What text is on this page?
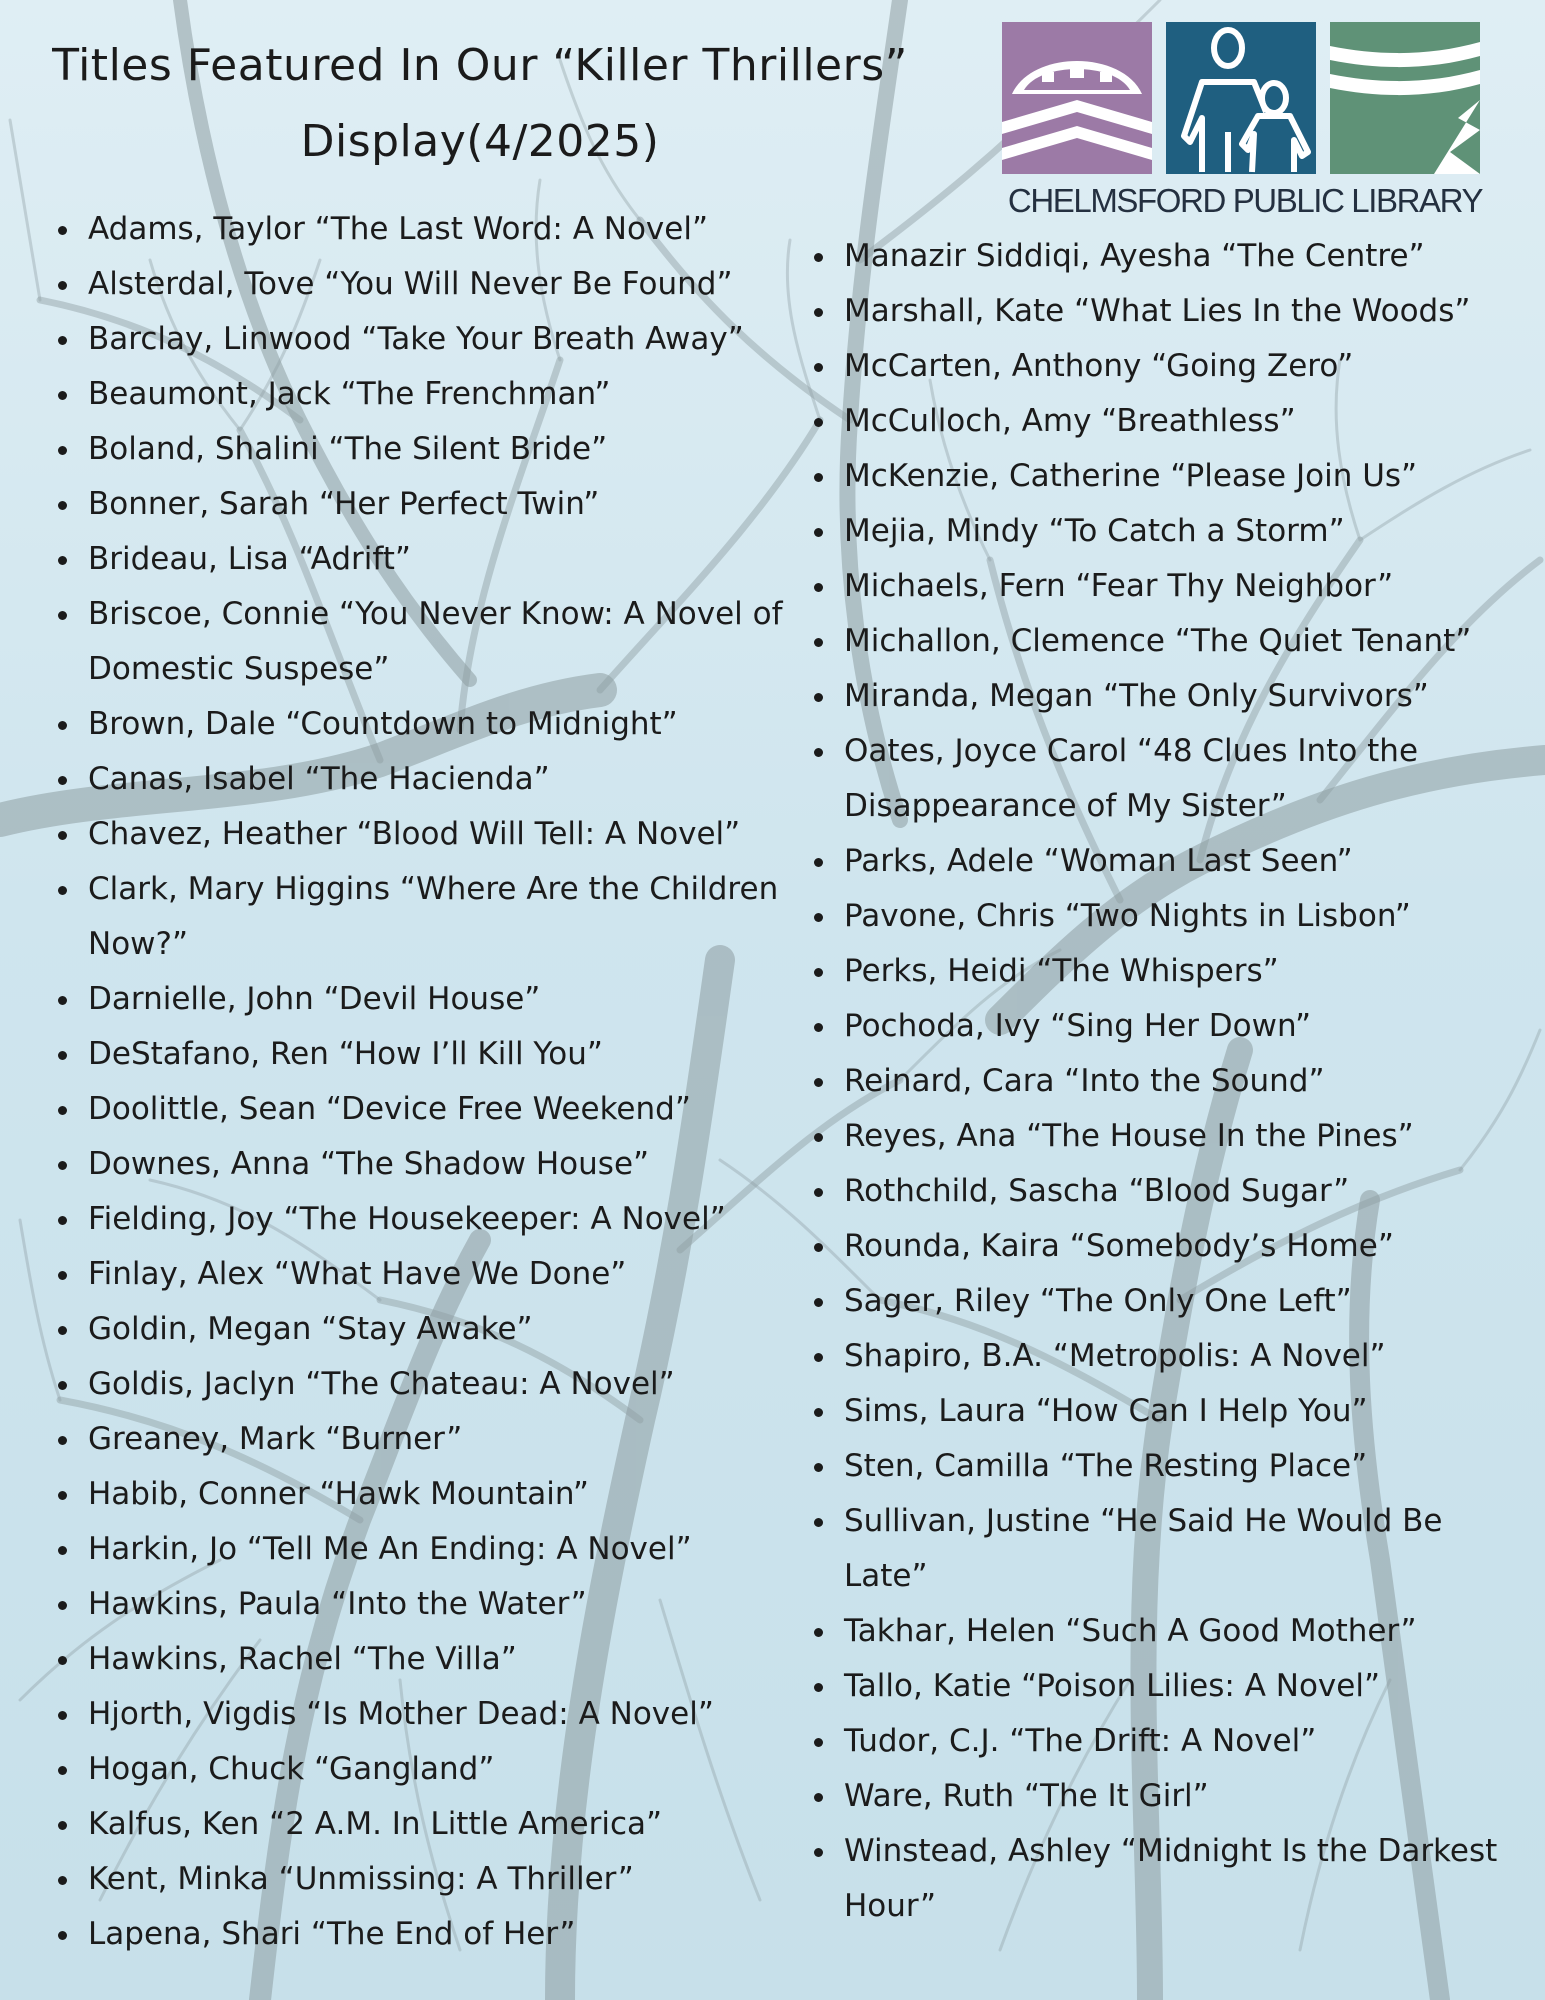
Titles Featured In Our “Killer Thrillers”
Display(4/2025)
CHELMSFORD PUBLIC LIBRARY
Adams, Taylor “The Last Word: A Novel”
Alsterdal, Tove “You Will Never Be Found”
Barclay, Linwood “Take Your Breath Away”
Beaumont, Jack “The Frenchman”
Boland, Shalini “The Silent Bride”
Bonner, Sarah “Her Perfect Twin”
Brideau, Lisa “Adrift”
Briscoe, Connie “You Never Know: A Novel of Domestic Suspese”
Brown, Dale “Countdown to Midnight”
Canas, Isabel “The Hacienda”
Chavez, Heather “Blood Will Tell: A Novel”
Clark, Mary Higgins “Where Are the Children Now?”
Darnielle, John “Devil House”
DeStafano, Ren “How I’ll Kill You”
Doolittle, Sean “Device Free Weekend”
Downes, Anna “The Shadow House”
Fielding, Joy “The Housekeeper: A Novel”
Finlay, Alex “What Have We Done”
Goldin, Megan “Stay Awake”
Goldis, Jaclyn “The Chateau: A Novel”
Greaney, Mark “Burner”
Habib, Conner “Hawk Mountain”
Harkin, Jo “Tell Me An Ending: A Novel”
Hawkins, Paula “Into the Water”
Hawkins, Rachel “The Villa”
Hjorth, Vigdis “Is Mother Dead: A Novel”
Hogan, Chuck “Gangland”
Kalfus, Ken “2 A.M. In Little America”
Kent, Minka “Unmissing: A Thriller”
Lapena, Shari “The End of Her”
Manazir Siddiqi, Ayesha “The Centre”
Marshall, Kate “What Lies In the Woods”
McCarten, Anthony “Going Zero”
McCulloch, Amy “Breathless”
McKenzie, Catherine “Please Join Us”
Mejia, Mindy “To Catch a Storm”
Michaels, Fern “Fear Thy Neighbor”
Michallon, Clemence “The Quiet Tenant”
Miranda, Megan “The Only Survivors”
Oates, Joyce Carol “48 Clues Into the Disappearance of My Sister”
Parks, Adele “Woman Last Seen”
Pavone, Chris “Two Nights in Lisbon”
Perks, Heidi “The Whispers”
Pochoda, Ivy “Sing Her Down”
Reinard, Cara “Into the Sound”
Reyes, Ana “The House In the Pines”
Rothchild, Sascha “Blood Sugar”
Rounda, Kaira “Somebody’s Home”
Sager, Riley “The Only One Left”
Shapiro, B.A. “Metropolis: A Novel”
Sims, Laura “How Can I Help You”
Sten, Camilla “The Resting Place”
Sullivan, Justine “He Said He Would Be Late”
Takhar, Helen “Such A Good Mother”
Tallo, Katie “Poison Lilies: A Novel”
Tudor, C.J. “The Drift: A Novel”
Ware, Ruth “The It Girl”
Winstead, Ashley “Midnight Is the Darkest Hour”
